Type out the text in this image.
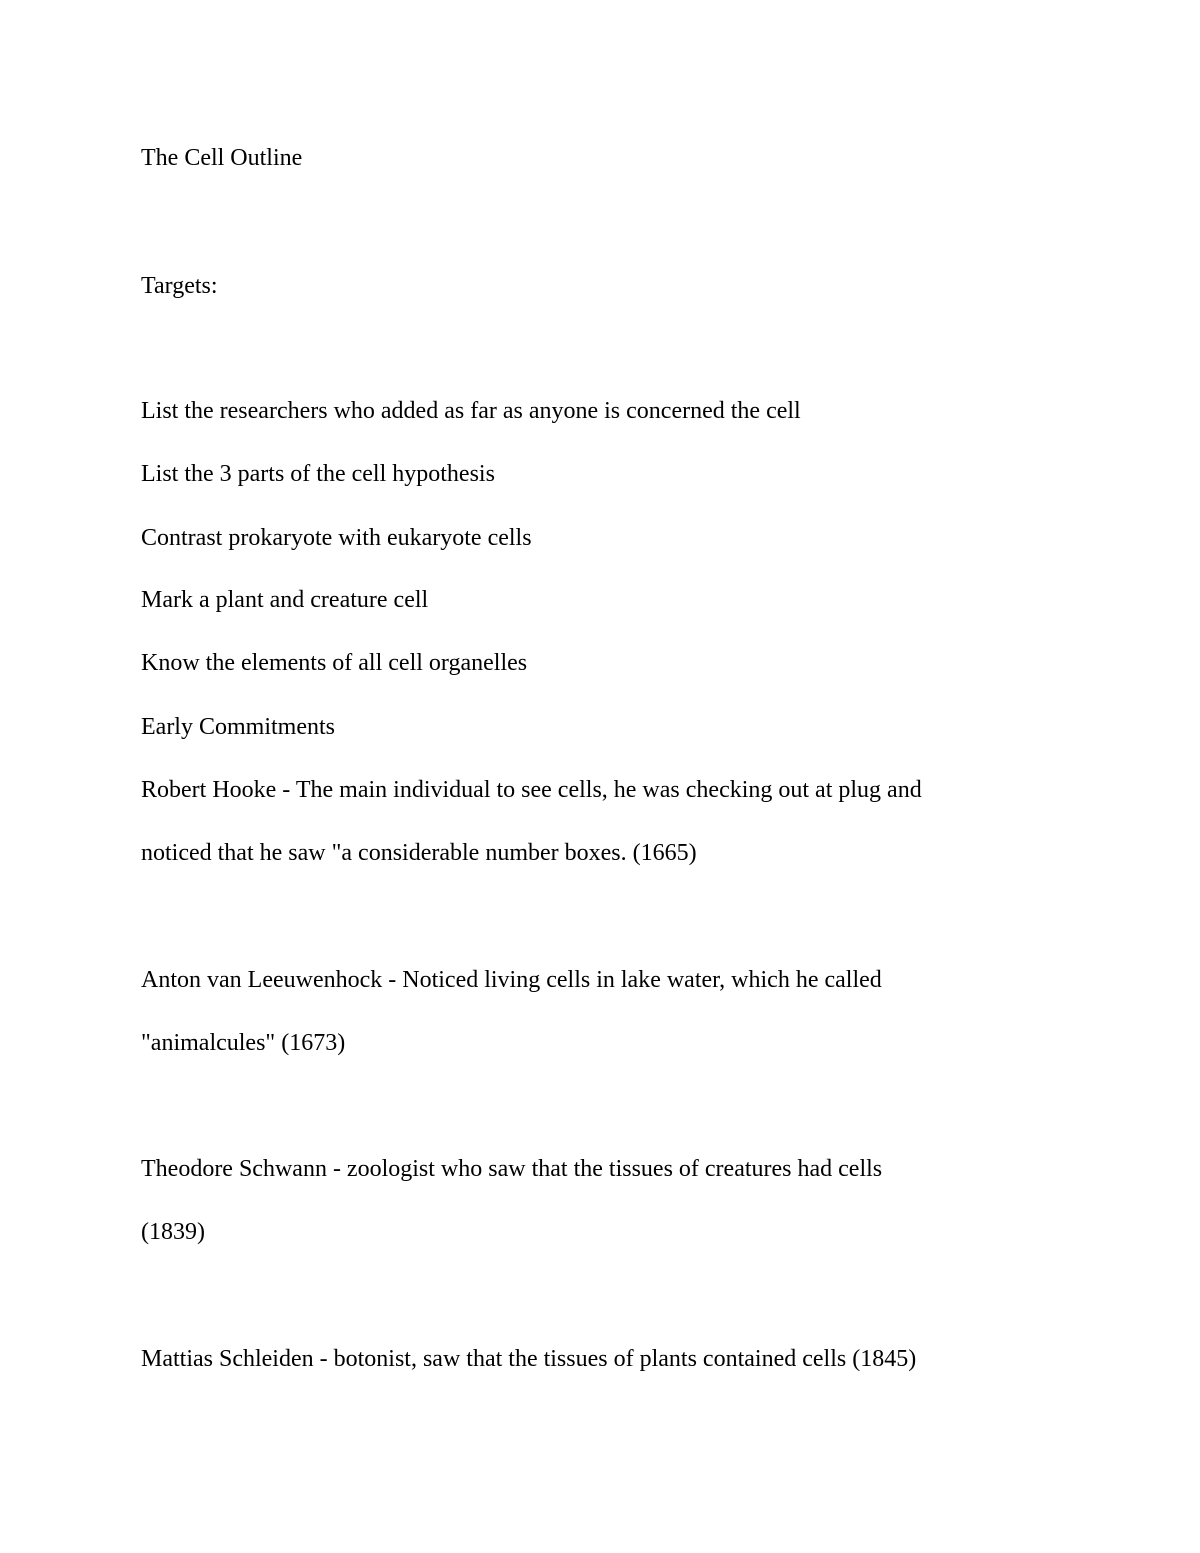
The Cell Outline
Targets:
List the researchers who added as far as anyone is concerned the cell
List the 3 parts of the cell hypothesis
Contrast prokaryote with eukaryote cells
Mark a plant and creature cell
Know the elements of all cell organelles
Early Commitments
Robert Hooke - The main individual to see cells, he was checking out at plug and
noticed that he saw "a considerable number boxes. (1665)
Anton van Leeuwenhock - Noticed living cells in lake water, which he called
"animalcules" (1673)
Theodore Schwann - zoologist who saw that the tissues of creatures had cells
(1839)
Mattias Schleiden - botonist, saw that the tissues of plants contained cells (1845)
